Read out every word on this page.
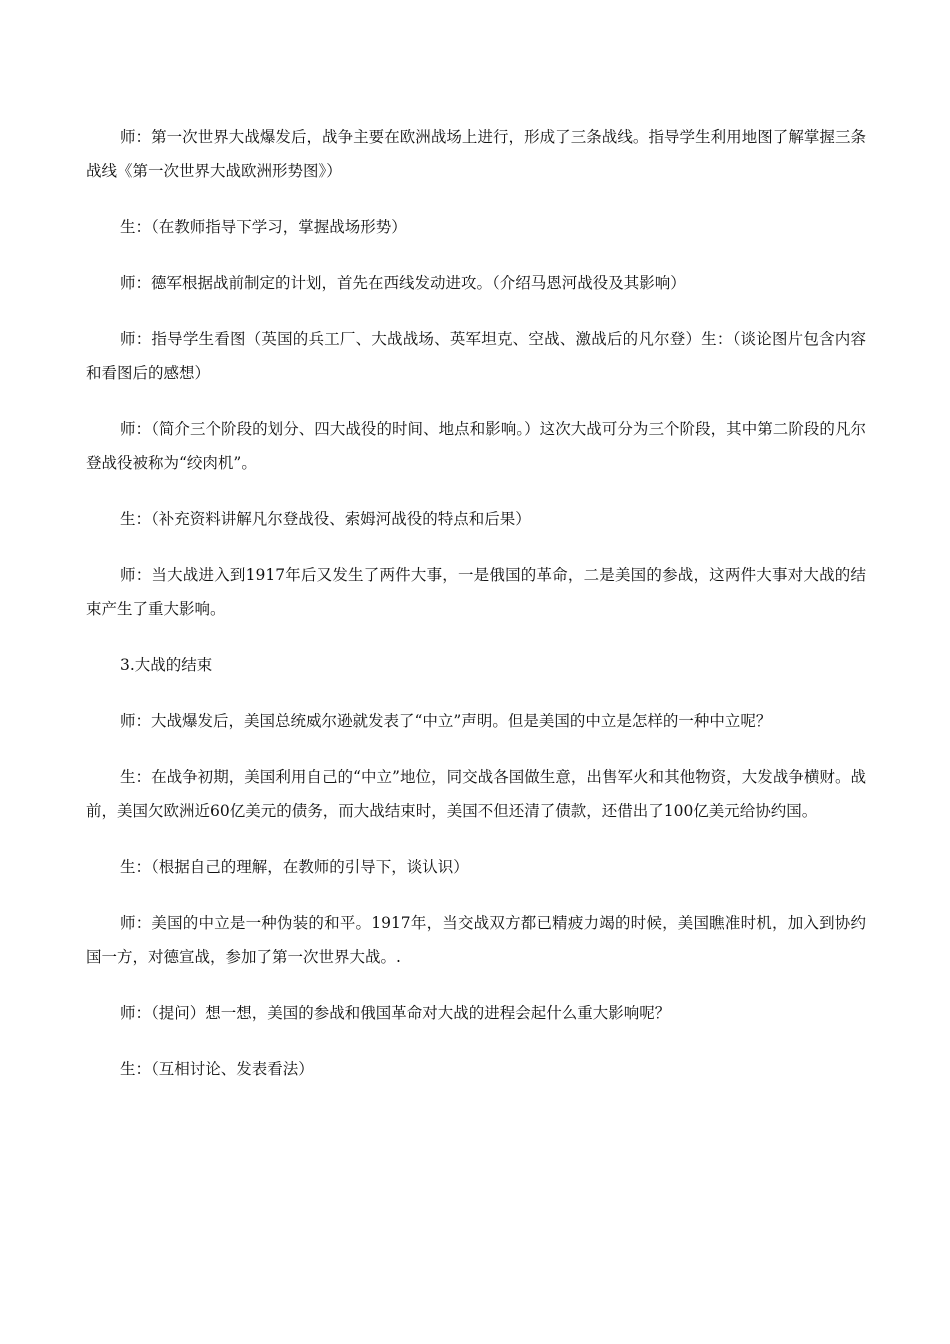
师：第一次世界大战爆发后，战争主要在欧洲战场上进行，形成了三条战线。指导学生利用地图了解掌握三条战线《第一次世界大战欧洲形势图》）

生：（在教师指导下学习，掌握战场形势）

师：德军根据战前制定的计划，首先在西线发动进攻。（介绍马恩河战役及其影响）

师：指导学生看图（英国的兵工厂、大战战场、英军坦克、空战、激战后的凡尔登）生：（谈论图片包含内容和看图后的感想）

师：（简介三个阶段的划分、四大战役的时间、地点和影响。）这次大战可分为三个阶段，其中第二阶段的凡尔登战役被称为“绞肉机”。

生：（补充资料讲解凡尔登战役、索姆河战役的特点和后果）

师：当大战进入到1917年后又发生了两件大事，一是俄国的革命，二是美国的参战，这两件大事对大战的结束产生了重大影响。

3.大战的结束

师：大战爆发后，美国总统威尔逊就发表了“中立”声明。但是美国的中立是怎样的一种中立呢？

生：在战争初期，美国利用自己的“中立”地位，同交战各国做生意，出售军火和其他物资，大发战争横财。战前，美国欠欧洲近60亿美元的债务，而大战结束时，美国不但还清了债款，还借出了100亿美元给协约国。

生：（根据自己的理解，在教师的引导下，谈认识）

师：美国的中立是一种伪装的和平。1917年，当交战双方都已精疲力竭的时候，美国瞧准时机，加入到协约国一方，对德宣战，参加了第一次世界大战。.

师：（提问）想一想，美国的参战和俄国革命对大战的进程会起什么重大影响呢？

生：（互相讨论、发表看法）
